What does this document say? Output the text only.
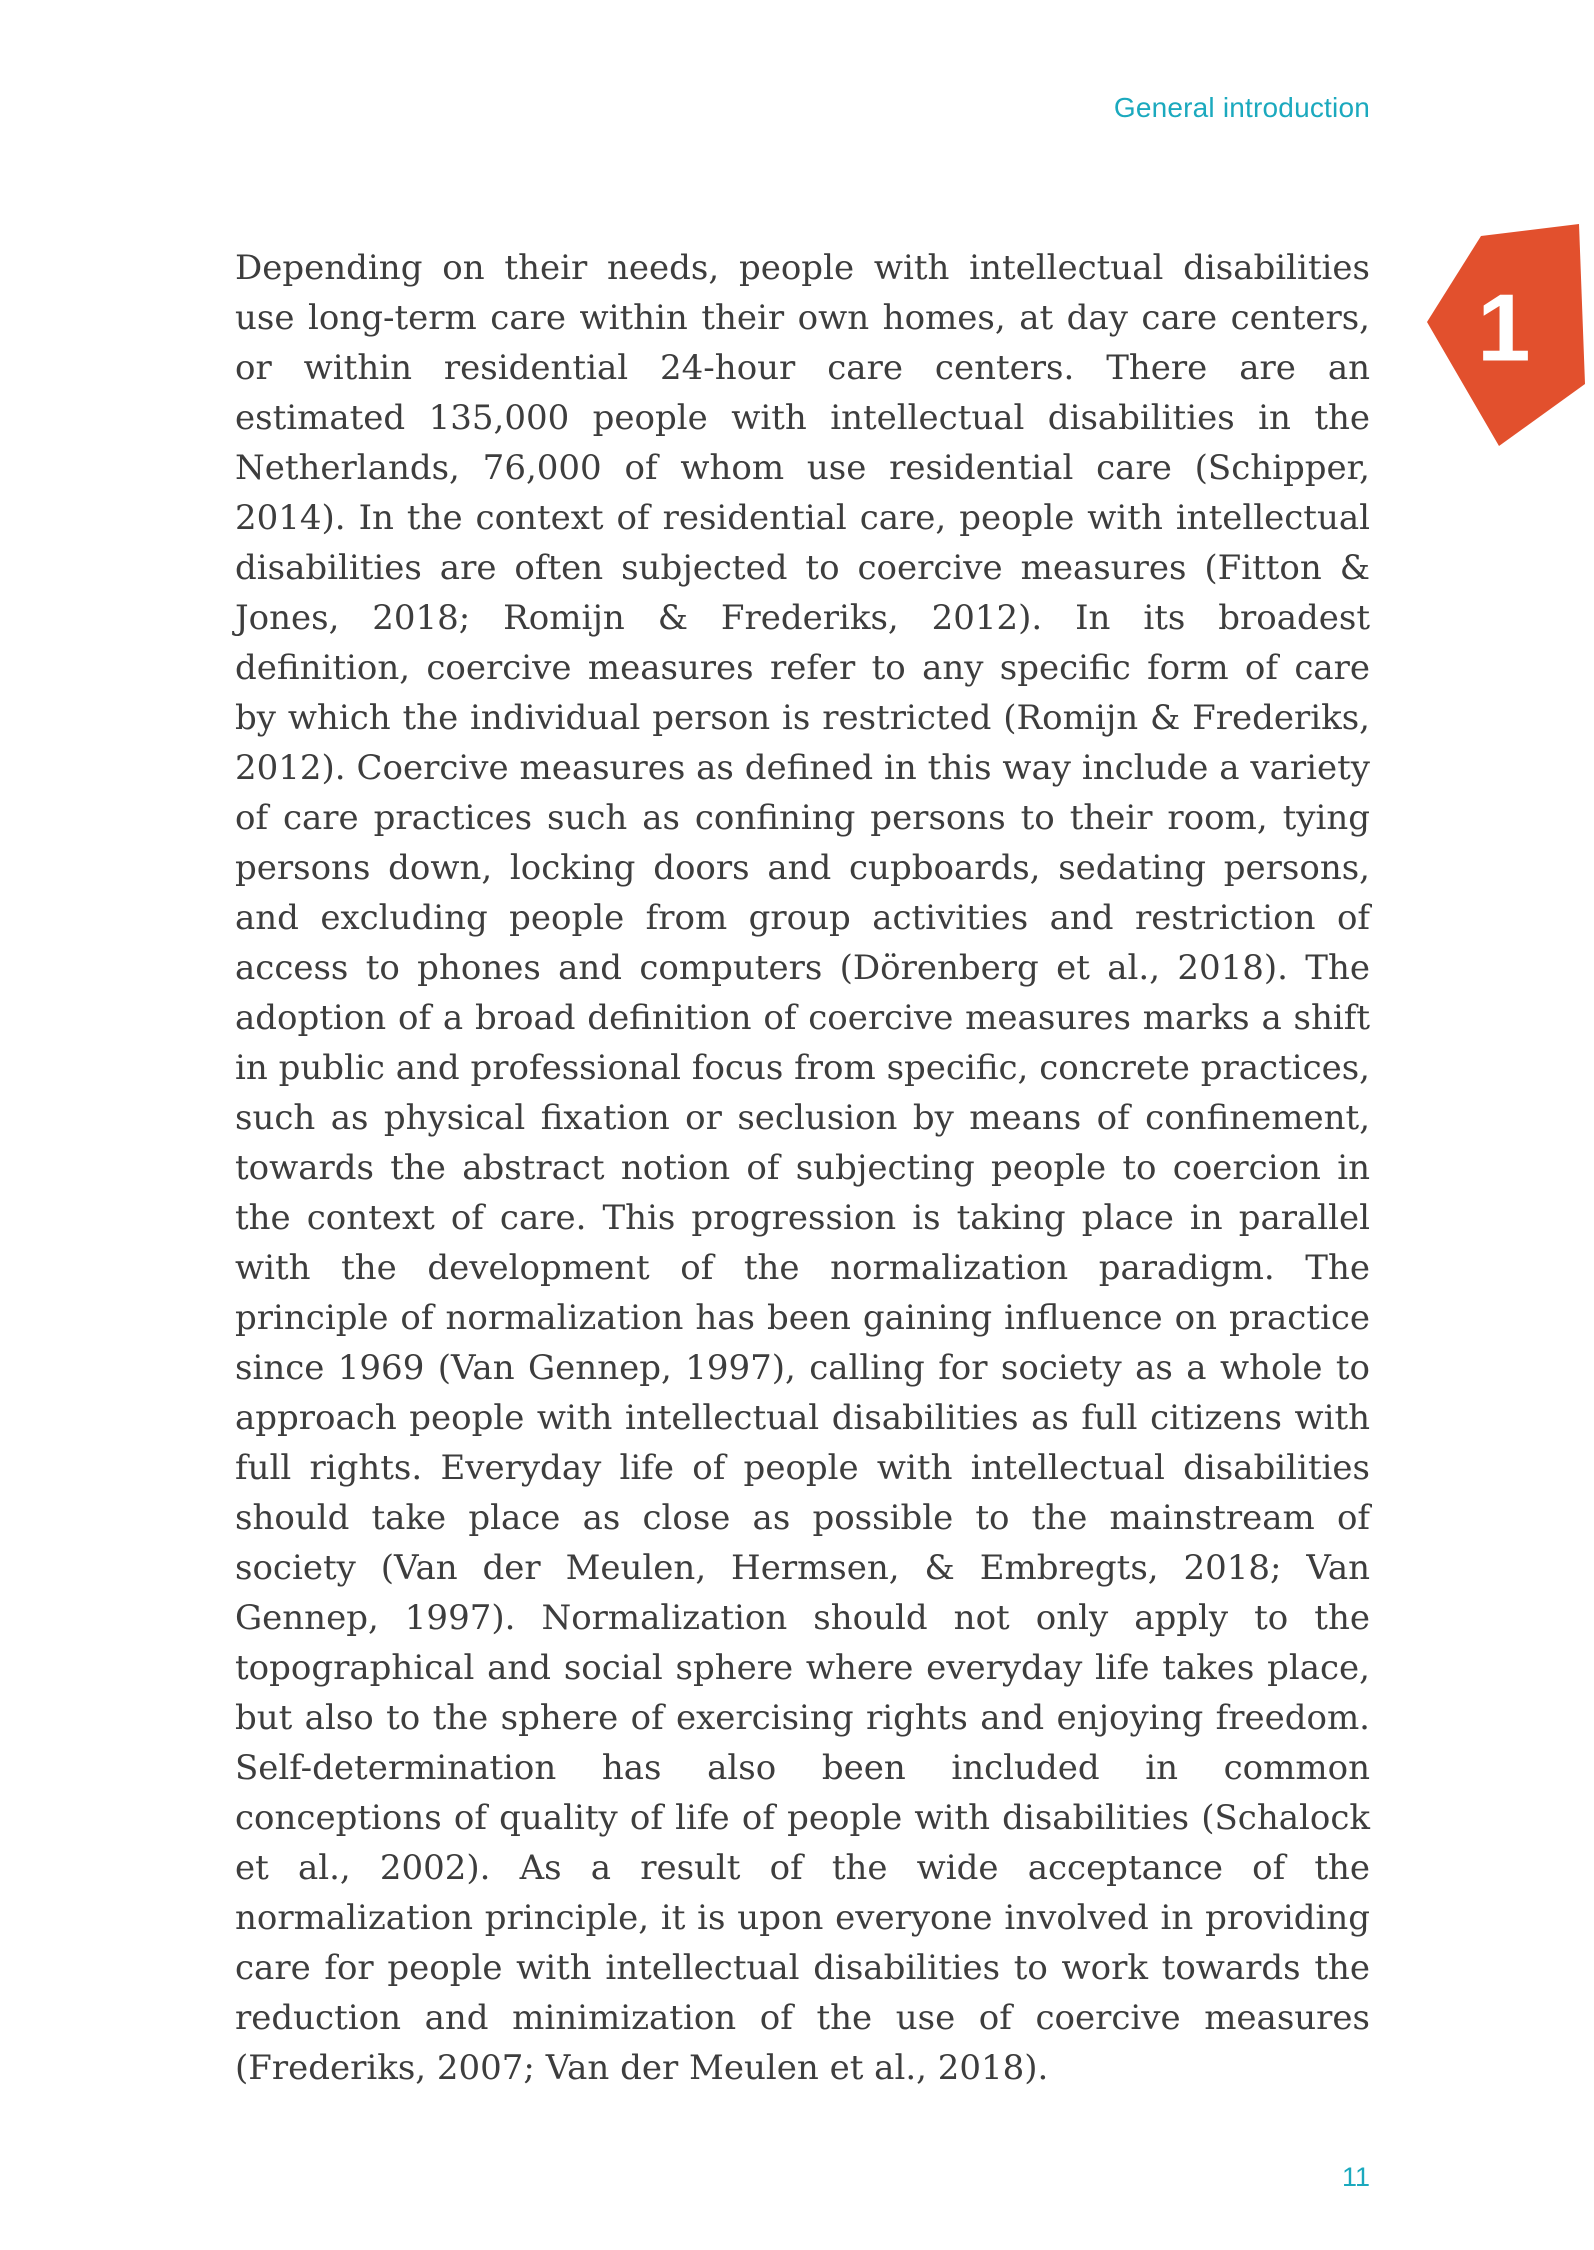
General introduction
1
Depending on their needs, people with intellectual disabilities use long-term care within their own homes, at day care centers, or within residential 24-hour care centers. There are an estimated 135,000 people with intellectual disabilities in the Netherlands, 76,000 of whom use residential care (Schipper, 2014). In the context of residential care, people with intellectual disabilities are often subjected to coercive measures (Fitton & Jones, 2018; Romijn & Frederiks, 2012). In its broadest definition, coercive measures refer to any specific form of care by which the individual person is restricted (Romijn & Frederiks, 2012). Coercive measures as defined in this way include a variety of care practices such as confining persons to their room, tying persons down, locking doors and cupboards, sedating persons, and excluding people from group activities and restriction of access to phones and computers (Dörenberg et al., 2018). The adoption of a broad definition of coercive measures marks a shift in public and professional focus from specific, concrete practices, such as physical fixation or seclusion by means of confinement, towards the abstract notion of subjecting people to coercion in the context of care. This progression is taking place in parallel with the development of the normalization paradigm. The principle of normalization has been gaining influence on practice since 1969 (Van Gennep, 1997), calling for society as a whole to approach people with intellectual disabilities as full citizens with full rights. Everyday life of people with intellectual disabilities should take place as close as possible to the mainstream of society (Van der Meulen, Hermsen, & Embregts, 2018; Van Gennep, 1997). Normalization should not only apply to the topographical and social sphere where everyday life takes place, but also to the sphere of exercising rights and enjoying freedom. Self-determination has also been included in common conceptions of quality of life of people with disabilities (Schalock et al., 2002). As a result of the wide acceptance of the normalization principle, it is upon everyone involved in providing care for people with intellectual disabilities to work towards the reduction and minimization of the use of coercive measures (Frederiks, 2007; Van der Meulen et al., 2018).
11
